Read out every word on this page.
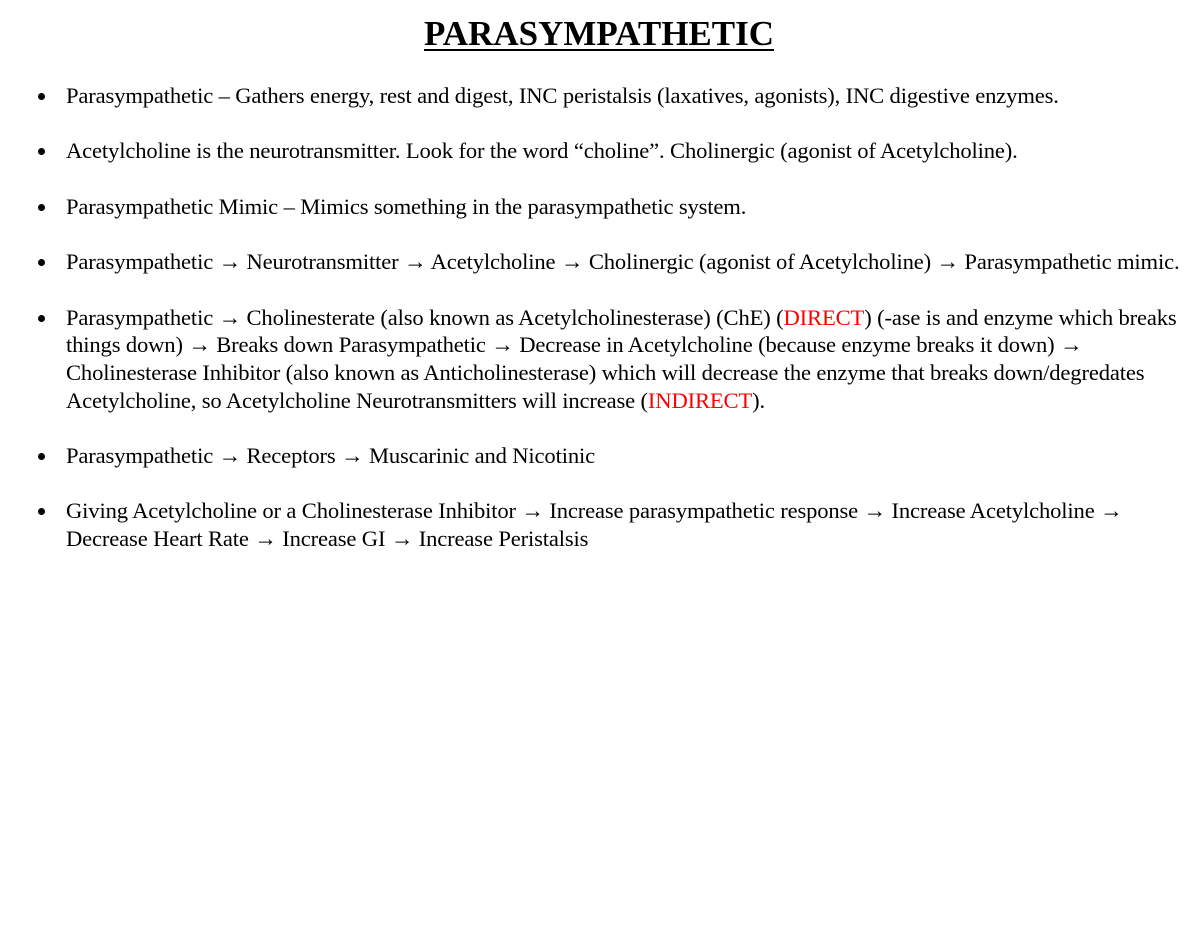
PARASYMPATHETIC
Parasympathetic – Gathers energy, rest and digest, INC peristalsis (laxatives, agonists), INC digestive enzymes.
Acetylcholine is the neurotransmitter. Look for the word “choline”. Cholinergic (agonist of Acetylcholine).
Parasympathetic Mimic – Mimics something in the parasympathetic system.
Parasympathetic → Neurotransmitter → Acetylcholine → Cholinergic (agonist of Acetylcholine) → Parasympathetic mimic.
Parasympathetic → Cholinesterate (also known as Acetylcholinesterase) (ChE) (DIRECT) (-ase is and enzyme which breaks things down) → Breaks down Parasympathetic → Decrease in Acetylcholine (because enzyme breaks it down) → Cholinesterase Inhibitor (also known as Anticholinesterase) which will decrease the enzyme that breaks down/degredates Acetylcholine, so Acetylcholine Neurotransmitters will increase (INDIRECT).
Parasympathetic → Receptors → Muscarinic and Nicotinic
Giving Acetylcholine or a Cholinesterase Inhibitor → Increase parasympathetic response → Increase Acetylcholine → Decrease Heart Rate → Increase GI → Increase Peristalsis
